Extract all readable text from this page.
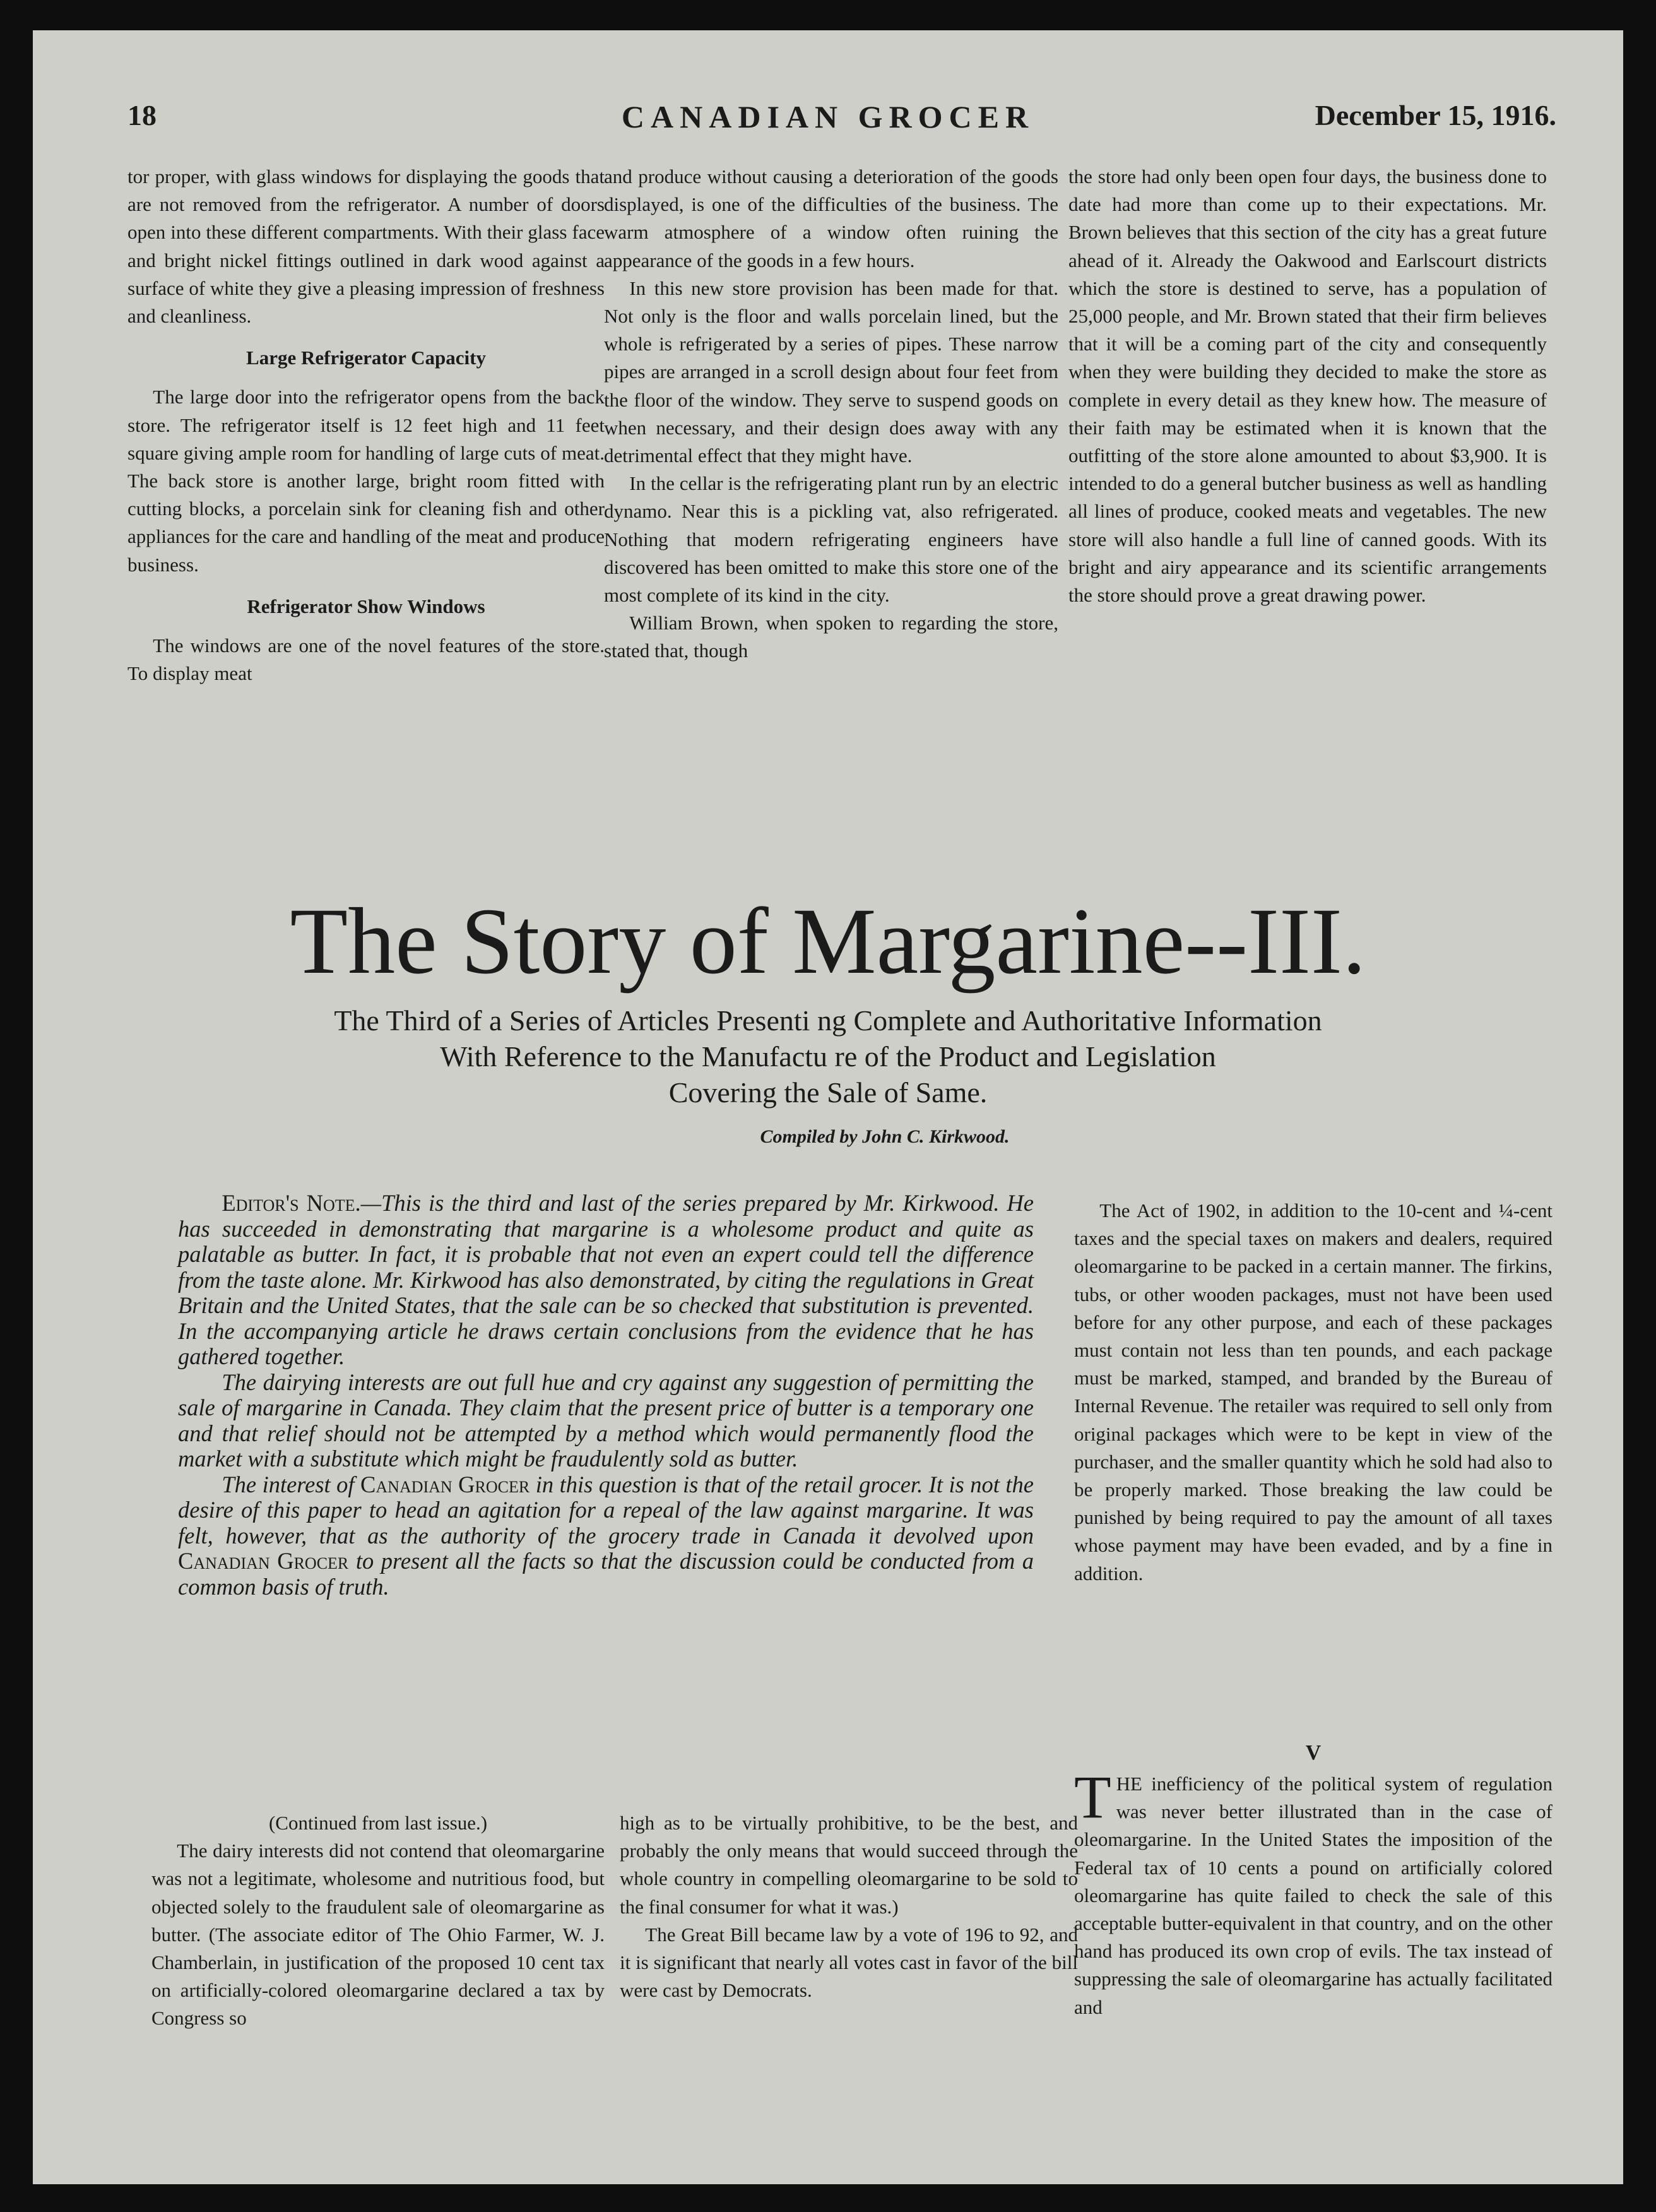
18	CANADIAN GROCER	December 15, 1916.

tor proper, with glass windows for displaying the goods that are not removed from the refrigerator. A number of doors open into these different compartments. With their glass face and bright nickel fittings outlined in dark wood against a surface of white they give a pleasing impression of freshness and cleanliness.

Large Refrigerator Capacity

The large door into the refrigerator opens from the back store. The refrigerator itself is 12 feet high and 11 feet square giving ample room for handling of large cuts of meat. The back store is another large, bright room fitted with cutting blocks, a porcelain sink for cleaning fish and other appliances for the care and handling of the meat and produce business.

Refrigerator Show Windows

The windows are one of the novel features of the store. To display meat

and produce without causing a deterioration of the goods displayed, is one of the difficulties of the business. The warm atmosphere of a window often ruining the appearance of the goods in a few hours.

In this new store provision has been made for that. Not only is the floor and walls porcelain lined, but the whole is refrigerated by a series of pipes. These narrow pipes are arranged in a scroll design about four feet from the floor of the window. They serve to suspend goods on when necessary, and their design does away with any detrimental effect that they might have.

In the cellar is the refrigerating plant run by an electric dynamo. Near this is a pickling vat, also refrigerated. Nothing that modern refrigerating engineers have discovered has been omitted to make this store one of the most complete of its kind in the city.

William Brown, when spoken to regarding the store, stated that, though

the store had only been open four days, the business done to date had more than come up to their expectations. Mr. Brown believes that this section of the city has a great future ahead of it. Already the Oakwood and Earlscourt districts which the store is destined to serve, has a population of 25,000 people, and Mr. Brown stated that their firm believes that it will be a coming part of the city and consequently when they were building they decided to make the store as complete in every detail as they knew how. The measure of their faith may be estimated when it is known that the outfitting of the store alone amounted to about $3,900. It is intended to do a general butcher business as well as handling all lines of produce, cooked meats and vegetables. The new store will also handle a full line of canned goods. With its bright and airy appearance and its scientific arrangements the store should prove a great drawing power.

The Story of Margarine--III.
The Third of a Series of Articles Presenti ng Complete and Authoritative Information
With Reference to the Manufactu re of the Product and Legislation
Covering the Sale of Same.
Compiled by John C. Kirkwood.

Editor's Note.—This is the third and last of the series prepared by Mr. Kirkwood. He has succeeded in demonstrating that margarine is a wholesome product and quite as palatable as butter. In fact, it is probable that not even an expert could tell the difference from the taste alone. Mr. Kirkwood has also demonstrated, by citing the regulations in Great Britain and the United States, that the sale can be so checked that substitution is prevented. In the accompanying article he draws certain conclusions from the evidence that he has gathered together.

The dairying interests are out full hue and cry against any suggestion of permitting the sale of margarine in Canada. They claim that the present price of butter is a temporary one and that relief should not be attempted by a method which would permanently flood the market with a substitute which might be fraudulently sold as butter.

The interest of Canadian Grocer in this question is that of the retail grocer. It is not the desire of this paper to head an agitation for a repeal of the law against margarine. It was felt, however, that as the authority of the grocery trade in Canada it devolved upon Canadian Grocer to present all the facts so that the discussion could be conducted from a common basis of truth.

The Act of 1902, in addition to the 10-cent and ¼-cent taxes and the special taxes on makers and dealers, required oleomargarine to be packed in a certain manner. The firkins, tubs, or other wooden packages, must not have been used before for any other purpose, and each of these packages must contain not less than ten pounds, and each package must be marked, stamped, and branded by the Bureau of Internal Revenue. The retailer was required to sell only from original packages which were to be kept in view of the purchaser, and the smaller quantity which he sold had also to be properly marked. Those breaking the law could be punished by being required to pay the amount of all taxes whose payment may have been evaded, and by a fine in addition.

V

THE inefficiency of the political system of regulation was never better illustrated than in the case of oleomargarine. In the United States the imposition of the Federal tax of 10 cents a pound on artificially colored oleomargarine has quite failed to check the sale of this acceptable butter-equivalent in that country, and on the other hand has produced its own crop of evils. The tax instead of suppressing the sale of oleomargarine has actually facilitated and

(Continued from last issue.)

The dairy interests did not contend that oleomargarine was not a legitimate, wholesome and nutritious food, but objected solely to the fraudulent sale of oleomargarine as butter. (The associate editor of The Ohio Farmer, W. J. Chamberlain, in justification of the proposed 10 cent tax on artificially-colored oleomargarine declared a tax by Congress so

high as to be virtually prohibitive, to be the best, and probably the only means that would succeed through the whole country in compelling oleomargarine to be sold to the final consumer for what it was.)

The Great Bill became law by a vote of 196 to 92, and it is significant that nearly all votes cast in favor of the bill were cast by Democrats.
